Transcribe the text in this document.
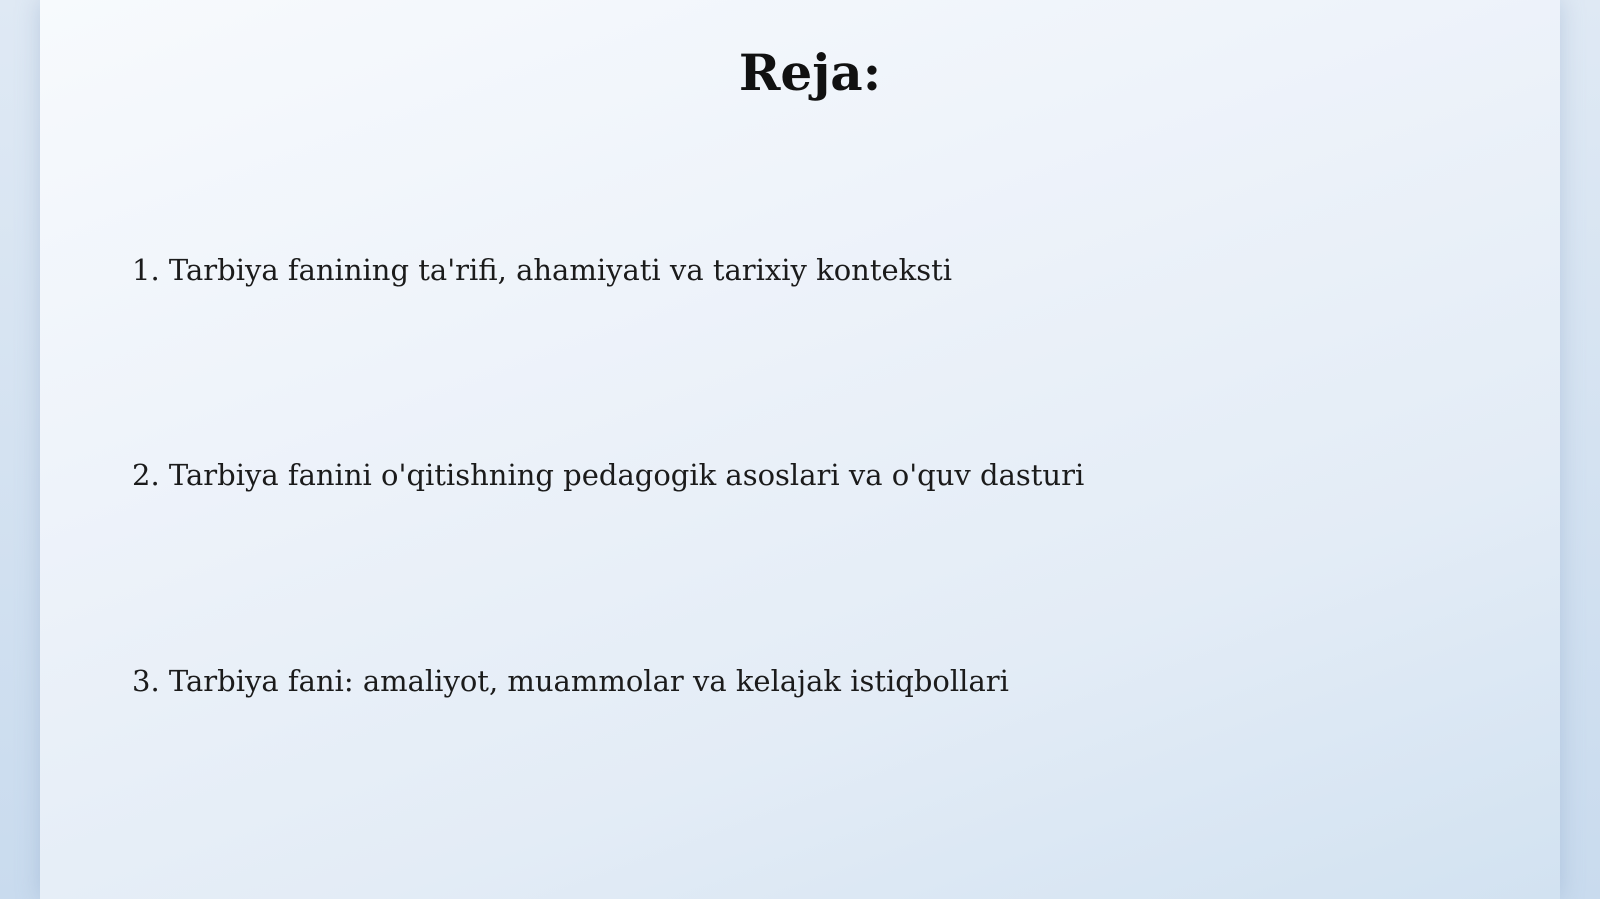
Reja:
1. Tarbiya fanining ta'rifi, ahamiyati va tarixiy konteksti
2. Tarbiya fanini o'qitishning pedagogik asoslari va o'quv dasturi
3. Tarbiya fani: amaliyot, muammolar va kelajak istiqbollari
